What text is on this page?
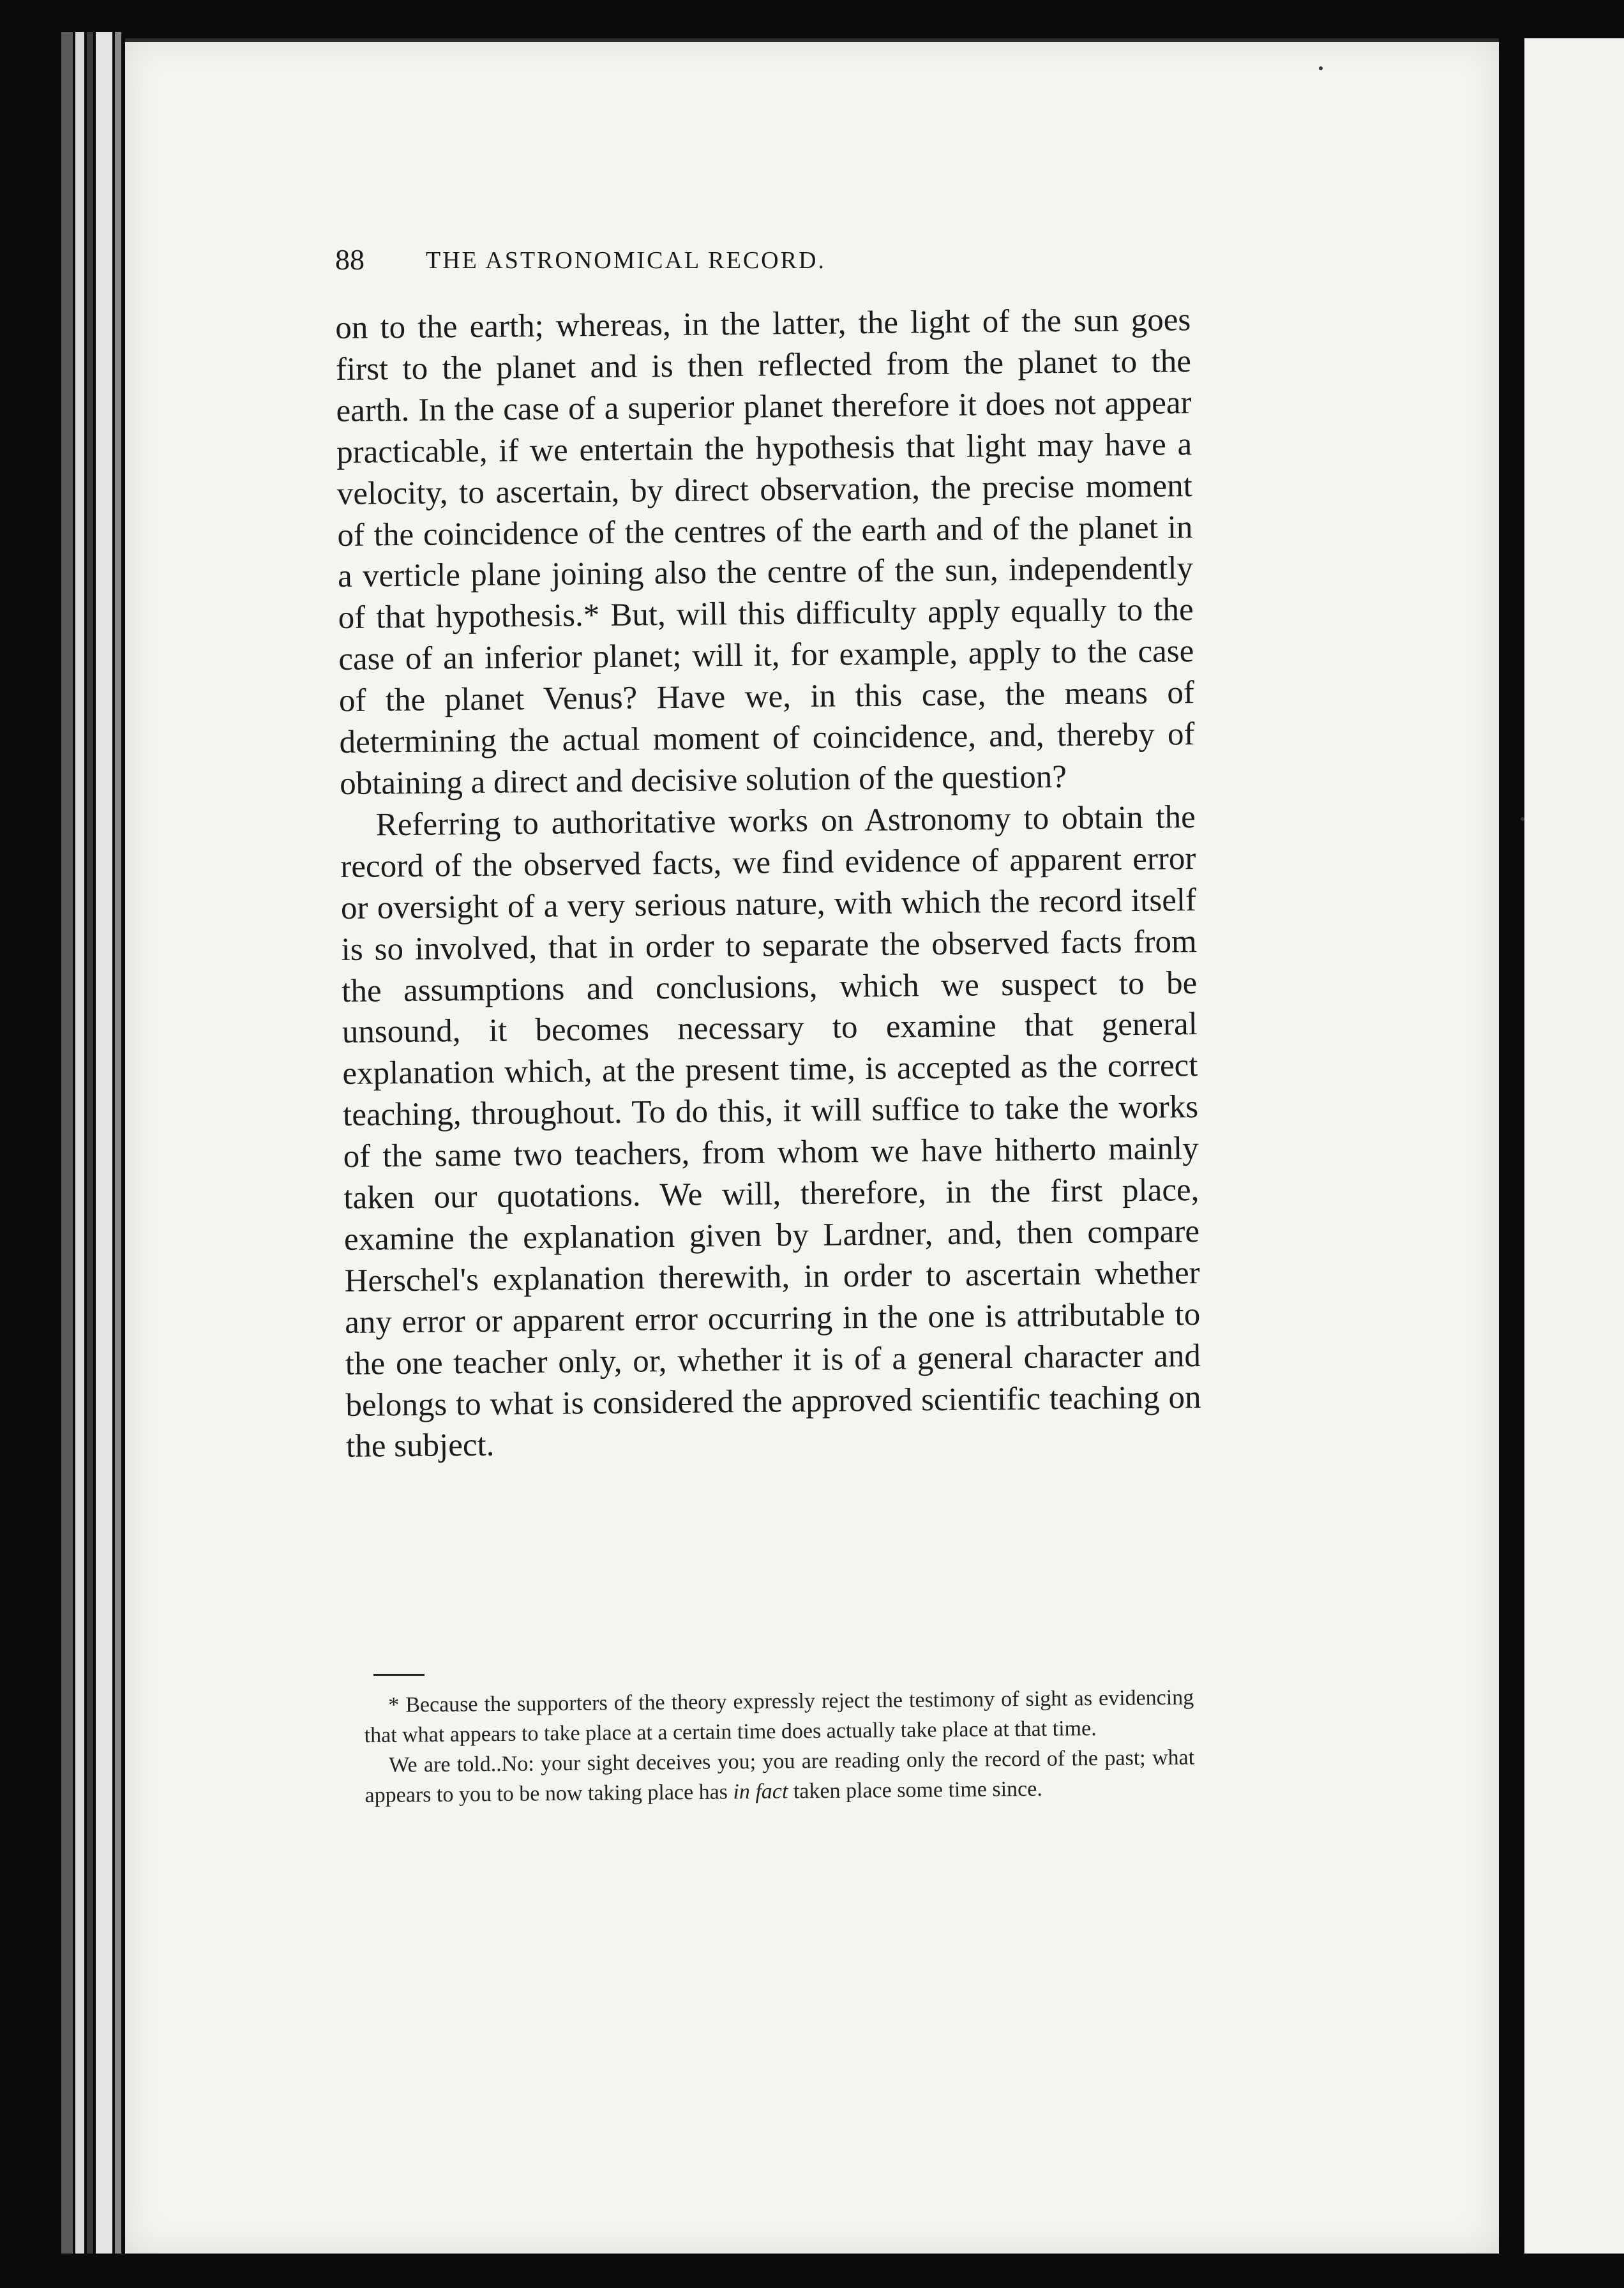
88	THE ASTRONOMICAL RECORD.

on to the earth; whereas, in the latter, the light of the sun goes first to the planet and is then reflected from the planet to the earth. In the case of a superior planet therefore it does not appear practicable, if we entertain the hypothesis that light may have a velocity, to ascertain, by direct observation, the precise moment of the coincidence of the centres of the earth and of the planet in a verticle plane joining also the centre of the sun, independently of that hypothesis.* But, will this difficulty apply equally to the case of an inferior planet; will it, for example, apply to the case of the planet Venus? Have we, in this case, the means of determining the actual moment of coincidence, and, thereby of obtaining a direct and decisive solution of the question?

Referring to authoritative works on Astronomy to obtain the record of the observed facts, we find evidence of apparent error or oversight of a very serious nature, with which the record itself is so involved, that in order to separate the observed facts from the assumptions and conclusions, which we suspect to be unsound, it becomes necessary to examine that general explanation which, at the present time, is accepted as the correct teaching, throughout. To do this, it will suffice to take the works of the same two teachers, from whom we have hitherto mainly taken our quotations. We will, therefore, in the first place, examine the explanation given by Lardner, and, then compare Herschel's explanation therewith, in order to ascertain whether any error or apparent error occurring in the one is attributable to the one teacher only, or, whether it is of a general character and belongs to what is considered the approved scientific teaching on the subject.

* Because the supporters of the theory expressly reject the testimony of sight as evidencing that what appears to take place at a certain time does actually take place at that time.

We are told..No: your sight deceives you; you are reading only the record of the past; what appears to you to be now taking place has in fact taken place some time since.
